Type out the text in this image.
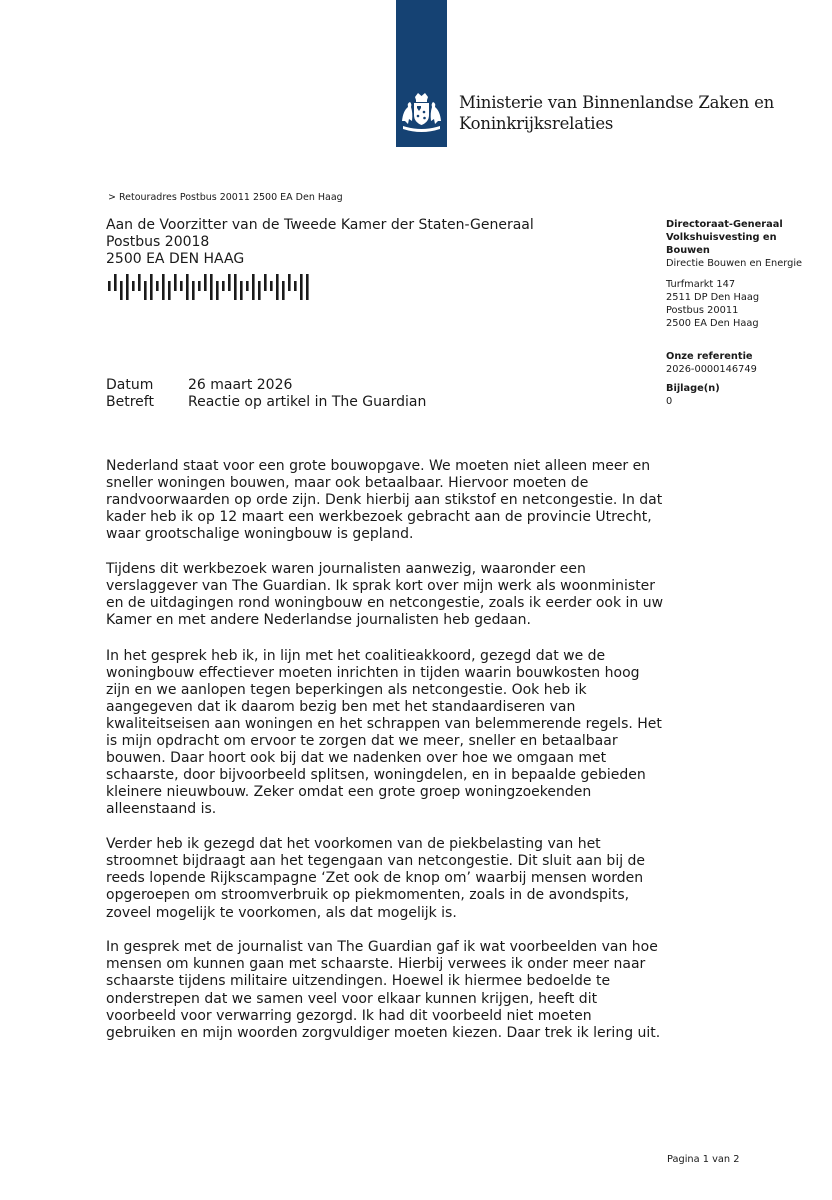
Ministerie van Binnenlandse Zaken en
Koninkrijksrelaties
> Retouradres Postbus 20011 2500 EA Den Haag
Aan de Voorzitter van de Tweede Kamer der Staten-Generaal
Postbus 20018
2500 EA DEN HAAG
Datum	26 maart 2026
Betreft	Reactie op artikel in The Guardian
Directoraat-Generaal
Volkshuisvesting en
Bouwen
Directie Bouwen en Energie
Turfmarkt 147
2511 DP Den Haag
Postbus 20011
2500 EA Den Haag
Onze referentie
2026-0000146749
Bijlage(n)
0

Nederland staat voor een grote bouwopgave. We moeten niet alleen meer en sneller woningen bouwen, maar ook betaalbaar. Hiervoor moeten de randvoorwaarden op orde zijn. Denk hierbij aan stikstof en netcongestie. In dat kader heb ik op 12 maart een werkbezoek gebracht aan de provincie Utrecht, waar grootschalige woningbouw is gepland.

Tijdens dit werkbezoek waren journalisten aanwezig, waaronder een verslaggever van The Guardian. Ik sprak kort over mijn werk als woonminister en de uitdagingen rond woningbouw en netcongestie, zoals ik eerder ook in uw Kamer en met andere Nederlandse journalisten heb gedaan.

In het gesprek heb ik, in lijn met het coalitieakkoord, gezegd dat we de woningbouw effectiever moeten inrichten in tijden waarin bouwkosten hoog zijn en we aanlopen tegen beperkingen als netcongestie. Ook heb ik aangegeven dat ik daarom bezig ben met het standaardiseren van kwaliteitseisen aan woningen en het schrappen van belemmerende regels. Het is mijn opdracht om ervoor te zorgen dat we meer, sneller en betaalbaar bouwen. Daar hoort ook bij dat we nadenken over hoe we omgaan met schaarste, door bijvoorbeeld splitsen, woningdelen, en in bepaalde gebieden kleinere nieuwbouw. Zeker omdat een grote groep woningzoekenden alleenstaand is.

Verder heb ik gezegd dat het voorkomen van de piekbelasting van het stroomnet bijdraagt aan het tegengaan van netcongestie. Dit sluit aan bij de reeds lopende Rijkscampagne ‘Zet ook de knop om’ waarbij mensen worden opgeroepen om stroomverbruik op piekmomenten, zoals in de avondspits, zoveel mogelijk te voorkomen, als dat mogelijk is.

In gesprek met de journalist van The Guardian gaf ik wat voorbeelden van hoe mensen om kunnen gaan met schaarste. Hierbij verwees ik onder meer naar schaarste tijdens militaire uitzendingen. Hoewel ik hiermee bedoelde te onderstrepen dat we samen veel voor elkaar kunnen krijgen, heeft dit voorbeeld voor verwarring gezorgd. Ik had dit voorbeeld niet moeten gebruiken en mijn woorden zorgvuldiger moeten kiezen. Daar trek ik lering uit.

Pagina 1 van 2
